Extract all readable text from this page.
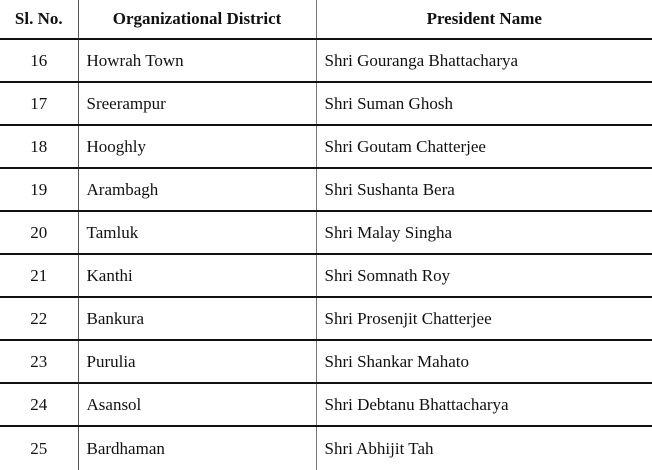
Sl. No.	Organizational District	President Name
16	Howrah Town	Shri Gouranga Bhattacharya
17	Sreerampur	Shri Suman Ghosh
18	Hooghly	Shri Goutam Chatterjee
19	Arambagh	Shri Sushanta Bera
20	Tamluk	Shri Malay Singha
21	Kanthi	Shri Somnath Roy
22	Bankura	Shri Prosenjit Chatterjee
23	Purulia	Shri Shankar Mahato
24	Asansol	Shri Debtanu Bhattacharya
25	Bardhaman	Shri Abhijit Tah
